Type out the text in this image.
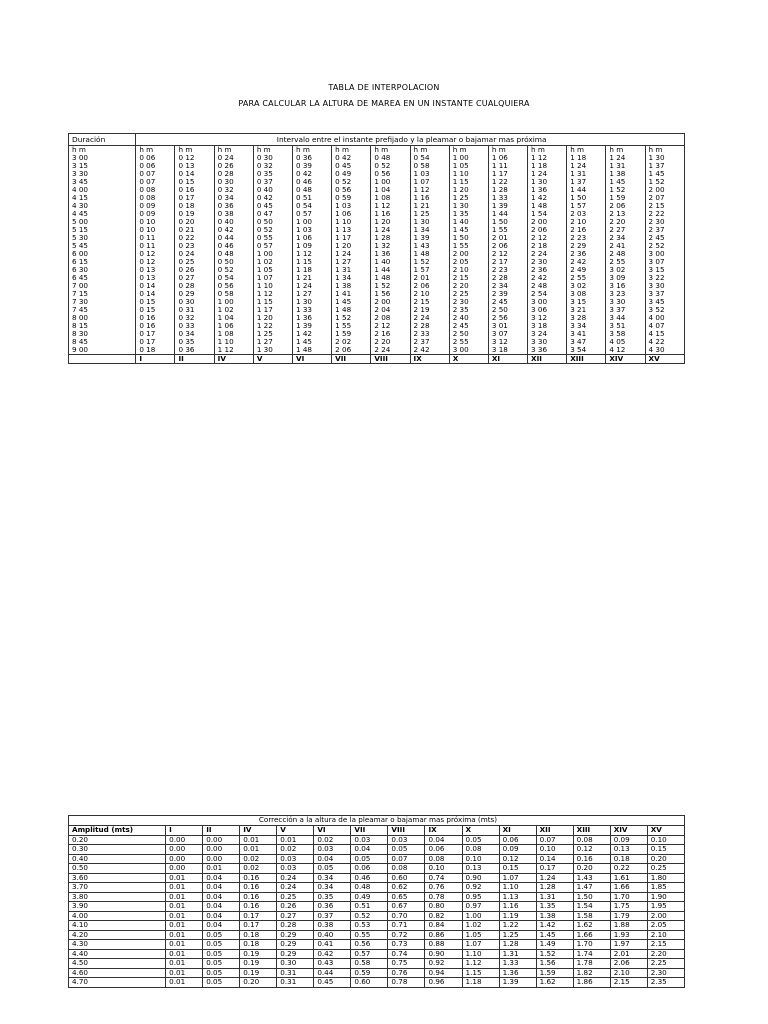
TABLA DE INTERPOLACION
PARA CALCULAR LA ALTURA DE MAREA EN UN INSTANTE CUALQUIERA
Duración	Intervalo entre el instante prefijado y la pleamar o bajamar mas próxima													
h m	h m	h m	h m	h m	h m	h m	h m	h m	h m	h m	h m	h m	h m	h m
3 00	0 06	0 12	0 24	0 30	0 36	0 42	0 48	0 54	1 00	1 06	1 12	1 18	1 24	1 30
3 15	0 06	0 13	0 26	0 32	0 39	0 45	0 52	0 58	1 05	1 11	1 18	1 24	1 31	1 37
3 30	0 07	0 14	0 28	0 35	0 42	0 49	0 56	1 03	1 10	1 17	1 24	1 31	1 38	1 45
3 45	0 07	0 15	0 30	0 37	0 46	0 52	1 00	1 07	1 15	1 22	1 30	1 37	1 45	1 52
4 00	0 08	0 16	0 32	0 40	0 48	0 56	1 04	1 12	1 20	1 28	1 36	1 44	1 52	2 00
4 15	0 08	0 17	0 34	0 42	0 51	0 59	1 08	1 16	1 25	1 33	1 42	1 50	1 59	2 07
4 30	0 09	0 18	0 36	0 45	0 54	1 03	1 12	1 21	1 30	1 39	1 48	1 57	2 06	2 15
4 45	0 09	0 19	0 38	0 47	0 57	1 06	1 16	1 25	1 35	1 44	1 54	2 03	2 13	2 22
5 00	0 10	0 20	0 40	0 50	1 00	1 10	1 20	1 30	1 40	1 50	2 00	2 10	2 20	2 30
5 15	0 10	0 21	0 42	0 52	1 03	1 13	1 24	1 34	1 45	1 55	2 06	2 16	2 27	2 37
5 30	0 11	0 22	0 44	0 55	1 06	1 17	1 28	1 39	1 50	2 01	2 12	2 23	2 34	2 45
5 45	0 11	0 23	0 46	0 57	1 09	1 20	1 32	1 43	1 55	2 06	2 18	2 29	2 41	2 52
6 00	0 12	0 24	0 48	1 00	1 12	1 24	1 36	1 48	2 00	2 12	2 24	2 36	2 48	3 00
6 15	0 12	0 25	0 50	1 02	1 15	1 27	1 40	1 52	2 05	2 17	2 30	2 42	2 55	3 07
6 30	0 13	0 26	0 52	1 05	1 18	1 31	1 44	1 57	2 10	2 23	2 36	2 49	3 02	3 15
6 45	0 13	0 27	0 54	1 07	1 21	1 34	1 48	2 01	2 15	2 28	2 42	2 55	3 09	3 22
7 00	0 14	0 28	0 56	1 10	1 24	1 38	1 52	2 06	2 20	2 34	2 48	3 02	3 16	3 30
7 15	0 14	0 29	0 58	1 12	1 27	1 41	1 56	2 10	2 25	2 39	2 54	3 08	3 23	3 37
7 30	0 15	0 30	1 00	1 15	1 30	1 45	2 00	2 15	2 30	2 45	3 00	3 15	3 30	3 45
7 45	0 15	0 31	1 02	1 17	1 33	1 48	2 04	2 19	2 35	2 50	3 06	3 21	3 37	3 52
8 00	0 16	0 32	1 04	1 20	1 36	1 52	2 08	2 24	2 40	2 56	3 12	3 28	3 44	4 00
8 15	0 16	0 33	1 06	1 22	1 39	1 55	2 12	2 28	2 45	3 01	3 18	3 34	3 51	4 07
8 30	0 17	0 34	1 08	1 25	1 42	1 59	2 16	2 33	2 50	3 07	3 24	3 41	3 58	4 15
8 45	0 17	0 35	1 10	1 27	1 45	2 02	2 20	2 37	2 55	3 12	3 30	3 47	4 05	4 22
9 00	0 18	0 36	1 12	1 30	1 48	2 06	2 24	2 42	3 00	3 18	3 36	3 54	4 12	4 30
	I	II	IV	V	VI	VII	VIII	IX	X	XI	XII	XIII	XIV	XV
Corrección a la altura de la pleamar o bajamar mas próxima (mts)														
Amplitud (mts)	I	II	IV	V	VI	VII	VIII	IX	X	XI	XII	XIII	XIV	XV
0.20	0.00	0.00	0.01	0.01	0.02	0.03	0.03	0.04	0.05	0.06	0.07	0.08	0.09	0.10
0.30	0.00	0.00	0.01	0.02	0.03	0.04	0.05	0.06	0.08	0.09	0.10	0.12	0.13	0.15
0.40	0.00	0.00	0.02	0.03	0.04	0.05	0.07	0.08	0.10	0.12	0.14	0.16	0.18	0.20
0.50	0.00	0.01	0.02	0.03	0.05	0.06	0.08	0.10	0.13	0.15	0.17	0.20	0.22	0.25
3.60	0.01	0.04	0.16	0.24	0.34	0.46	0.60	0.74	0.90	1.07	1.24	1.43	1.61	1.80
3.70	0.01	0.04	0.16	0.24	0.34	0.48	0.62	0.76	0.92	1.10	1.28	1.47	1.66	1.85
3.80	0.01	0.04	0.16	0.25	0.35	0.49	0.65	0.78	0.95	1.13	1.31	1.50	1.70	1.90
3.90	0.01	0.04	0.16	0.26	0.36	0.51	0.67	0.80	0.97	1.16	1.35	1.54	1.75	1.95
4.00	0.01	0.04	0.17	0.27	0.37	0.52	0.70	0.82	1.00	1.19	1.38	1.58	1.79	2.00
4.10	0.01	0.04	0.17	0.28	0.38	0.53	0.71	0.84	1.02	1.22	1.42	1.62	1.88	2.05
4.20	0.01	0.05	0.18	0.29	0.40	0.55	0.72	0.86	1.05	1.25	1.45	1.66	1.93	2.10
4.30	0.01	0.05	0.18	0.29	0.41	0.56	0.73	0.88	1.07	1.28	1.49	1.70	1.97	2.15
4.40	0.01	0.05	0.19	0.29	0.42	0.57	0.74	0.90	1.10	1.31	1.52	1.74	2.01	2.20
4.50	0.01	0.05	0.19	0.30	0.43	0.58	0.75	0.92	1.12	1.33	1.56	1.78	2.06	2.25
4.60	0.01	0.05	0.19	0.31	0.44	0.59	0.76	0.94	1.15	1.36	1.59	1.82	2.10	2.30
4.70	0.01	0.05	0.20	0.31	0.45	0.60	0.78	0.96	1.18	1.39	1.62	1.86	2.15	2.35
